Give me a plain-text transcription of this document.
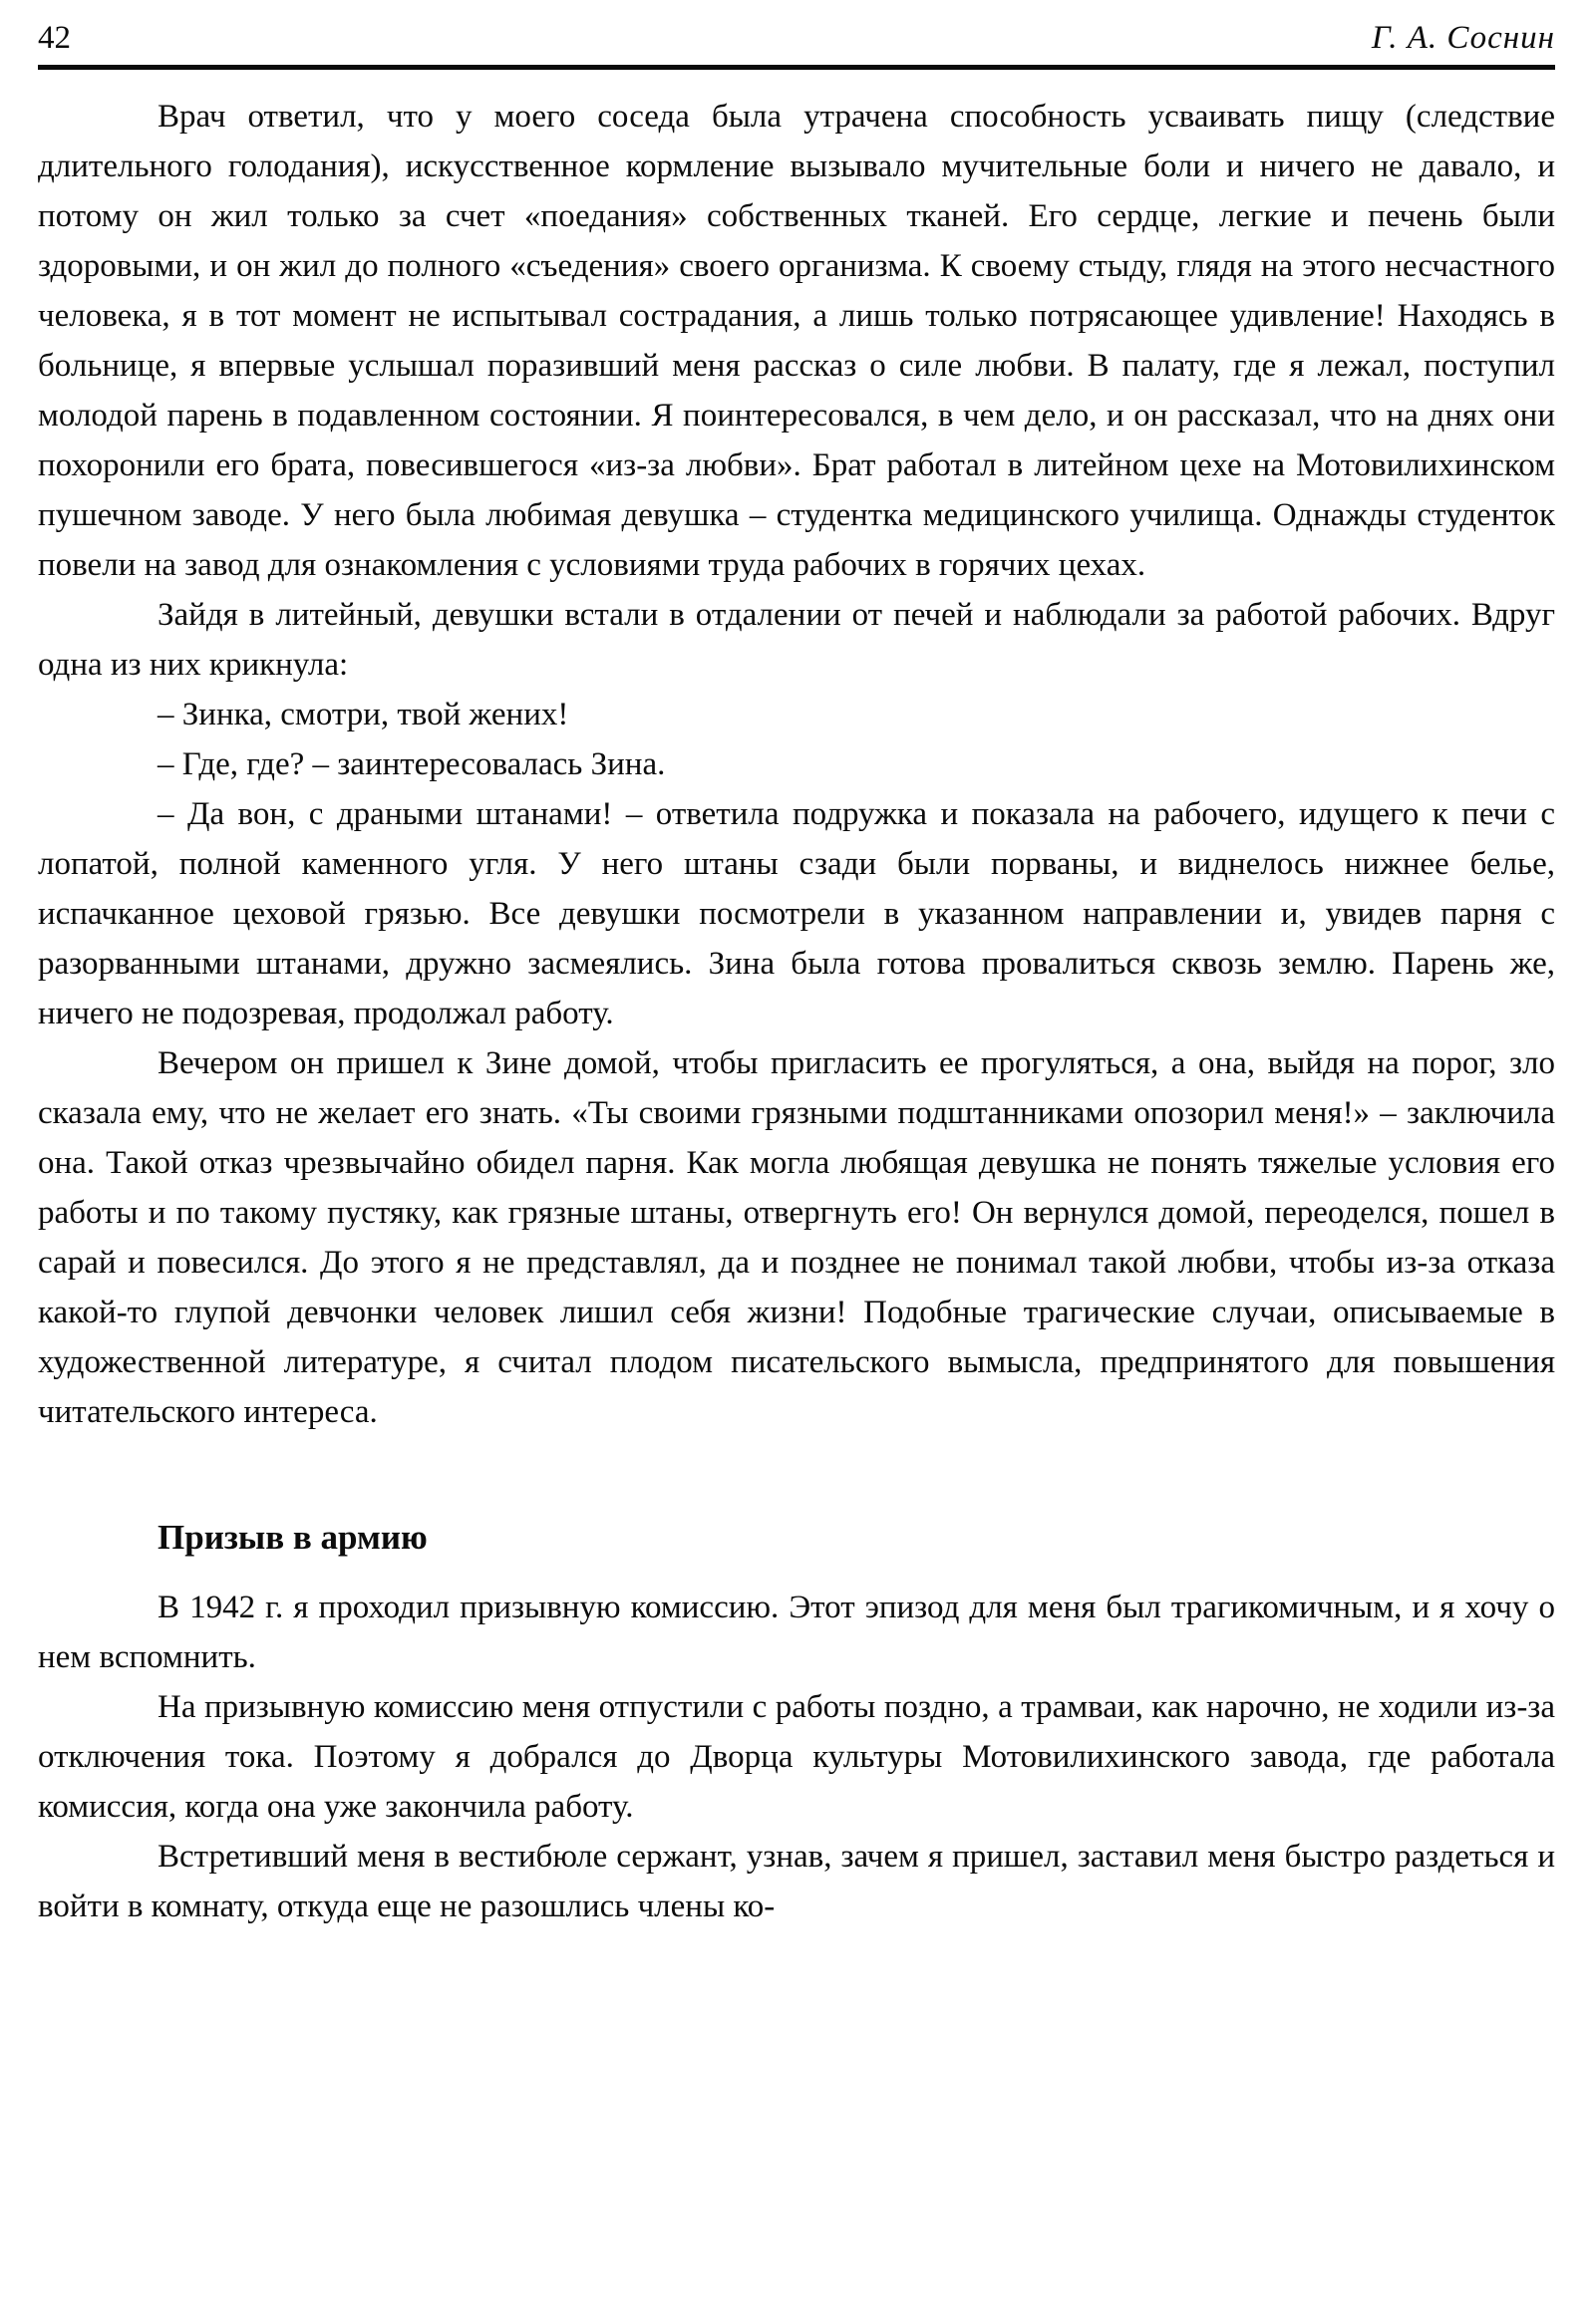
42	Г. А. Соснин

Врач ответил, что у моего соседа была утрачена способность усваивать пищу (следствие длительного голодания), искусственное кормление вызывало мучительные боли и ничего не давало, и потому он жил только за счет «поедания» собственных тканей. Его сердце, легкие и печень были здоровыми, и он жил до полного «съедения» своего организма. К своему стыду, глядя на этого несчастного человека, я в тот момент не испытывал сострадания, а лишь только потрясающее удивление! Находясь в больнице, я впервые услышал поразивший меня рассказ о силе любви. В палату, где я лежал, поступил молодой парень в подавленном состоянии. Я поинтересовался, в чем дело, и он рассказал, что на днях они похоронили его брата, повесившегося «из-за любви». Брат работал в литейном цехе на Мотовилихинском пушечном заводе. У него была любимая девушка – студентка медицинского училища. Однажды студенток повели на завод для ознакомления с условиями труда рабочих в горячих цехах.

Зайдя в литейный, девушки встали в отдалении от печей и наблюдали за работой рабочих. Вдруг одна из них крикнула:

– Зинка, смотри, твой жених!

– Где, где? – заинтересовалась Зина.

– Да вон, с драными штанами! – ответила подружка и показала на рабочего, идущего к печи с лопатой, полной каменного угля. У него штаны сзади были порваны, и виднелось нижнее белье, испачканное цеховой грязью. Все девушки посмотрели в указанном направлении и, увидев парня с разорванными штанами, дружно засмеялись. Зина была готова провалиться сквозь землю. Парень же, ничего не подозревая, продолжал работу.

Вечером он пришел к Зине домой, чтобы пригласить ее прогуляться, а она, выйдя на порог, зло сказала ему, что не желает его знать. «Ты своими грязными подштанниками опозорил меня!» – заключила она. Такой отказ чрезвычайно обидел парня. Как могла любящая девушка не понять тяжелые условия его работы и по такому пустяку, как грязные штаны, отвергнуть его! Он вернулся домой, переоделся, пошел в сарай и повесился. До этого я не представлял, да и позднее не понимал такой любви, чтобы из-за отказа какой-то глупой девчонки человек лишил себя жизни! Подобные трагические случаи, описываемые в художественной литературе, я считал плодом писательского вымысла, предпринятого для повышения читательского интереса.

Призыв в армию

В 1942 г. я проходил призывную комиссию. Этот эпизод для меня был трагикомичным, и я хочу о нем вспомнить.

На призывную комиссию меня отпустили с работы поздно, а трамваи, как нарочно, не ходили из-за отключения тока. Поэтому я добрался до Дворца культуры Мотовилихинского завода, где работала комиссия, когда она уже закончила работу.

Встретивший меня в вестибюле сержант, узнав, зачем я пришел, заставил меня быстро раздеться и войти в комнату, откуда еще не разошлись члены ко-
